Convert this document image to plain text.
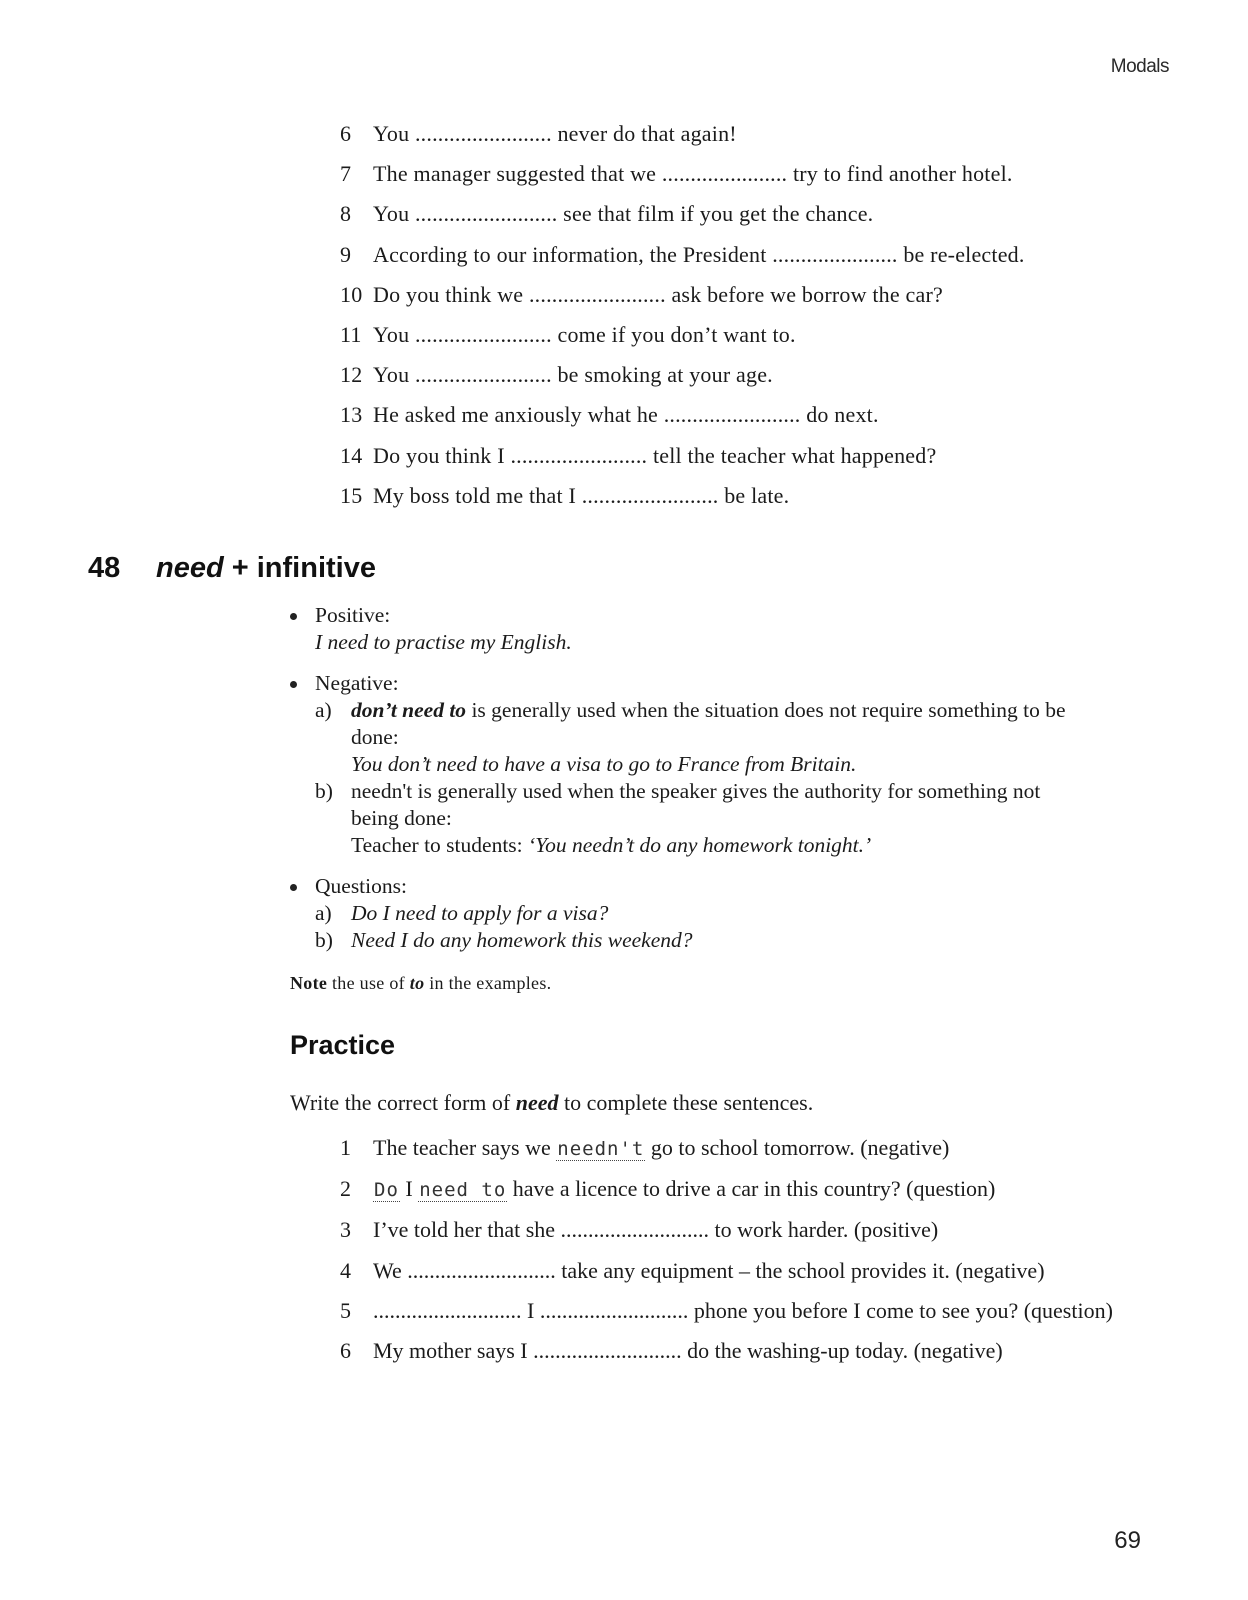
Modals
6 You ........................ never do that again!
7 The manager suggested that we ...................... try to find another hotel.
8 You ......................... see that film if you get the chance.
9 According to our information, the President ...................... be re-elected.
10 Do you think we ........................ ask before we borrow the car?
11 You ........................ come if you don’t want to.
12 You ........................ be smoking at your age.
13 He asked me anxiously what he ........................ do next.
14 Do you think I ........................ tell the teacher what happened?
15 My boss told me that I ........................ be late.
48 need + infinitive
Positive:
I need to practise my English.
Negative:
a) don’t need to is generally used when the situation does not require something to be done:
You don’t need to have a visa to go to France from Britain.
b) needn't is generally used when the speaker gives the authority for something not being done:
Teacher to students: ‘You needn’t do any homework tonight.’
Questions:
a) Do I need to apply for a visa?
b) Need I do any homework this weekend?
Note the use of to in the examples.
Practice
Write the correct form of need to complete these sentences.
1 The teacher says we needn't go to school tomorrow. (negative)
2 Do I need to have a licence to drive a car in this country? (question)
3 I’ve told her that she ........................... to work harder. (positive)
4 We ........................... take any equipment – the school provides it. (negative)
5 ........................... I ........................... phone you before I come to see you? (question)
6 My mother says I ........................... do the washing-up today. (negative)
69
